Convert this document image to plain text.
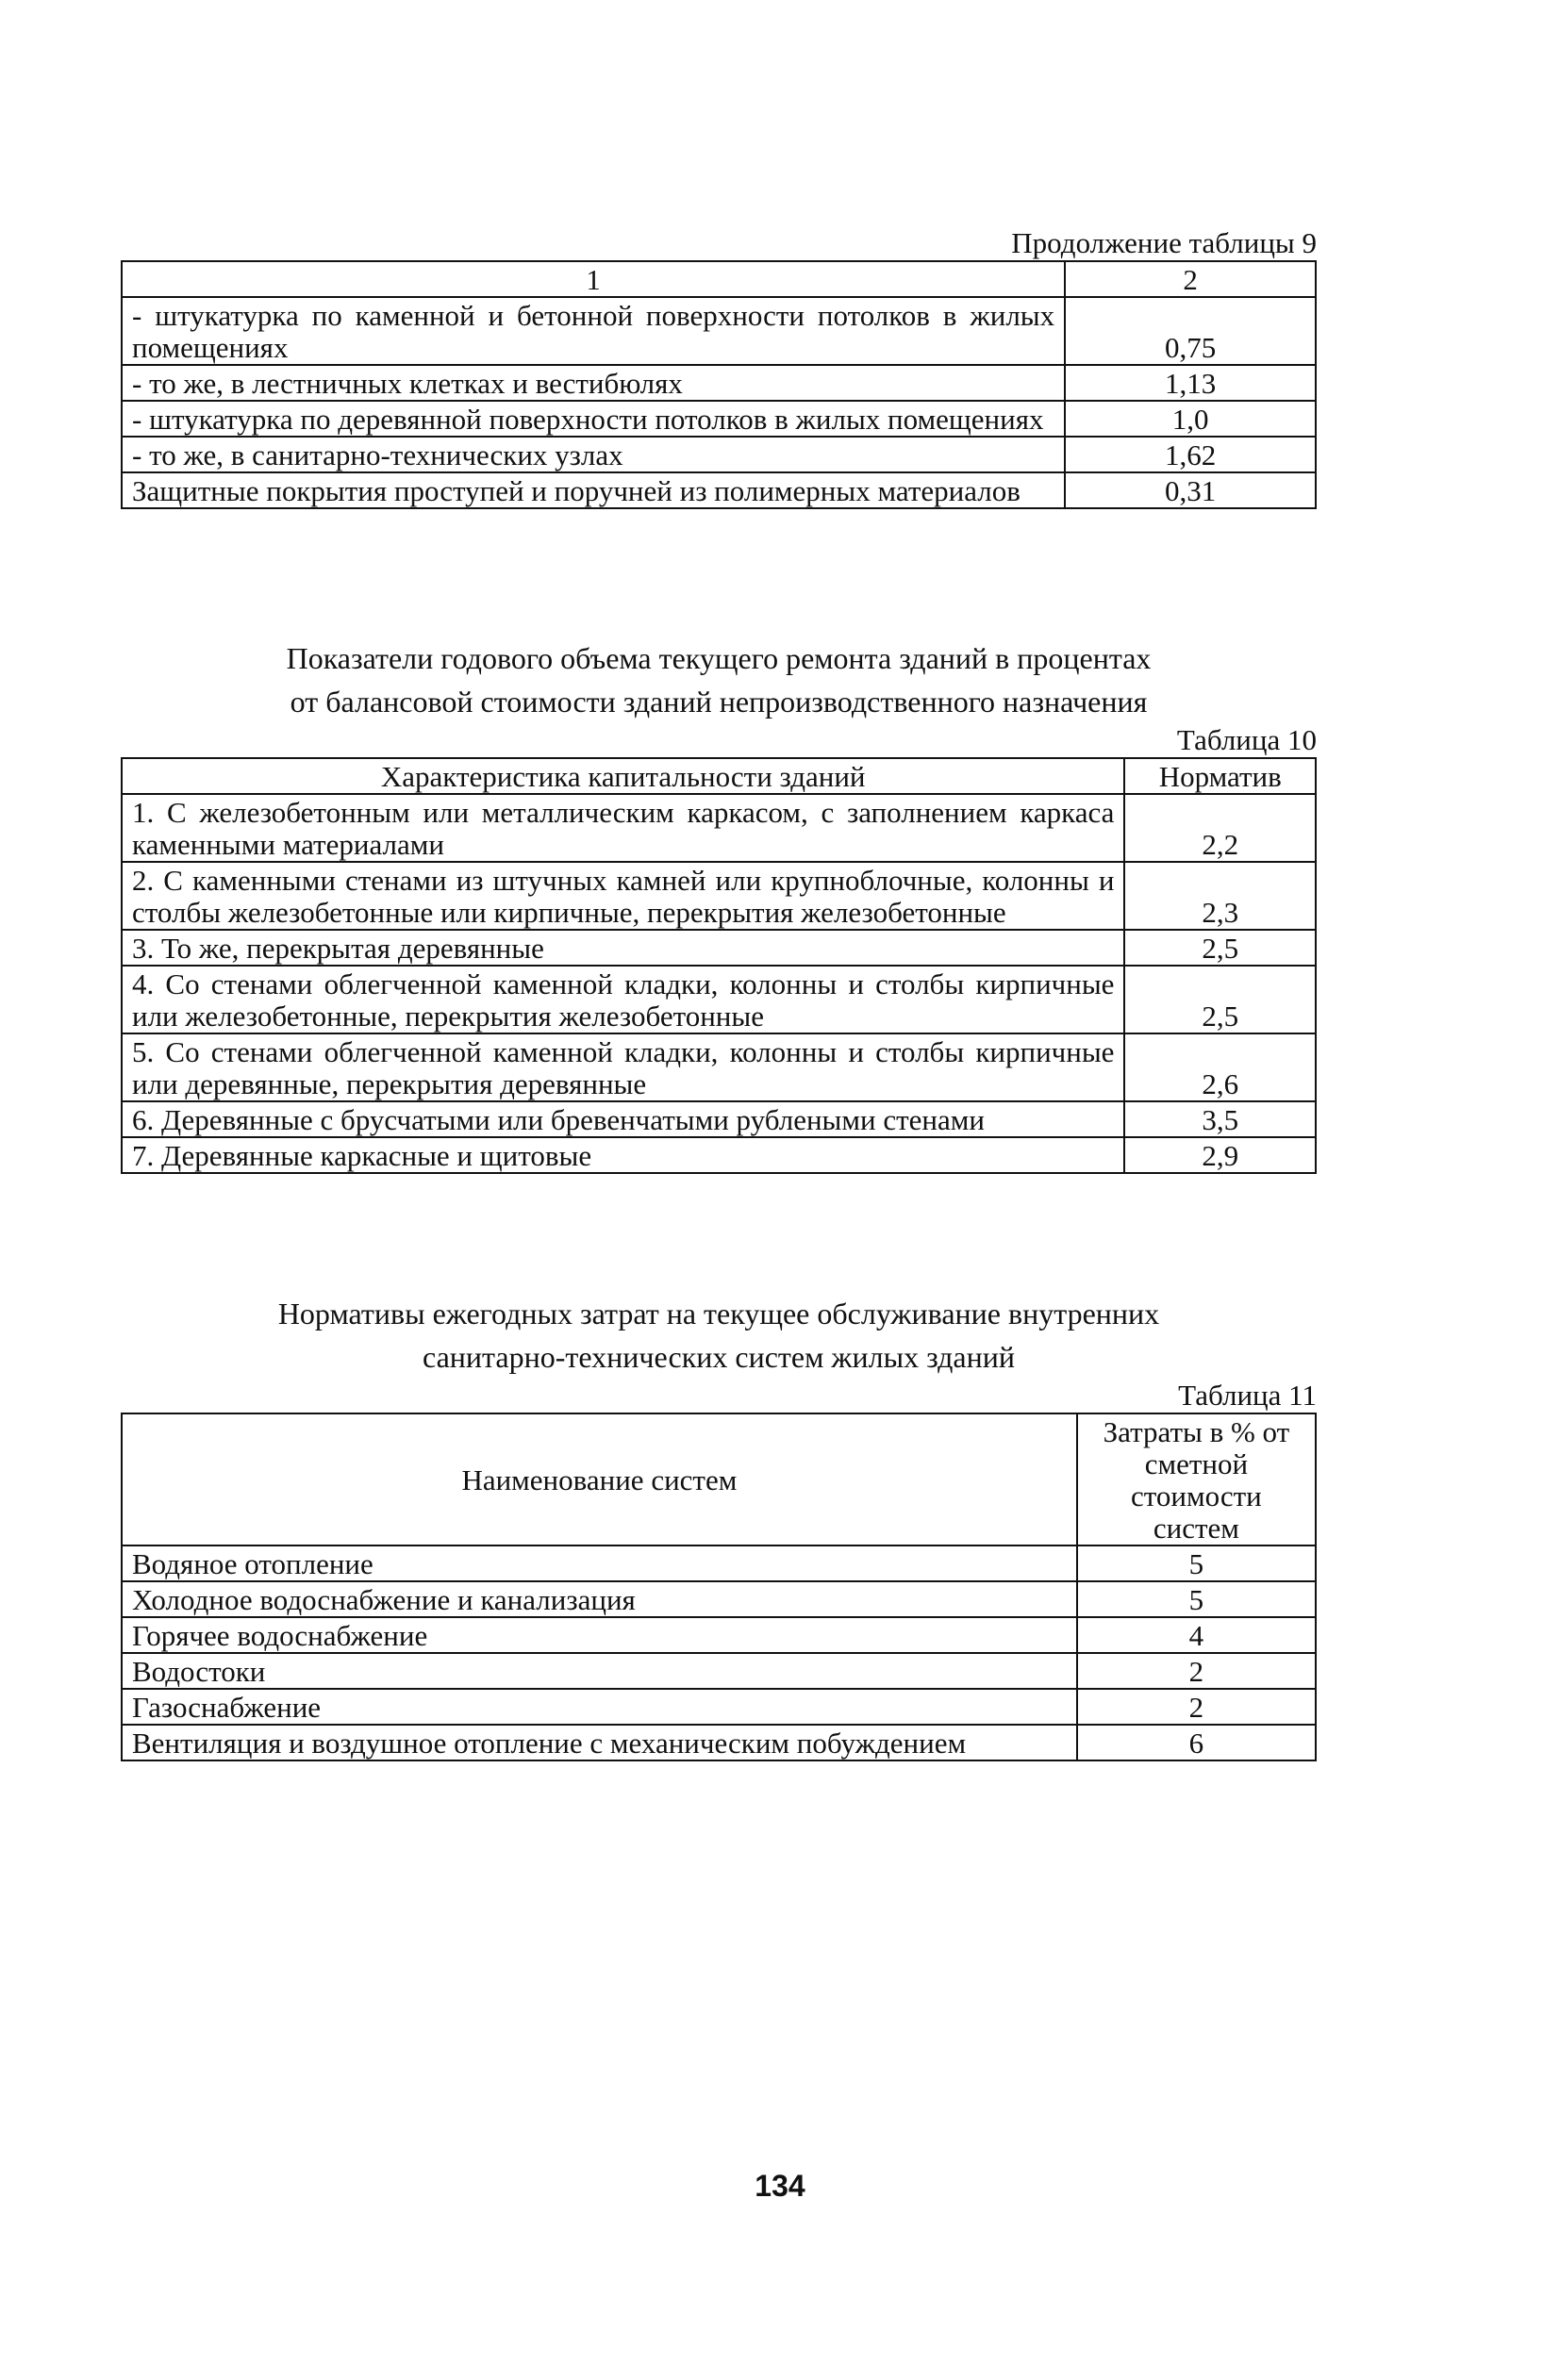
Продолжение таблицы 9
1	2
- штукатурка по каменной и бетонной поверхности потолков в жилых помещениях	0,75
- то же, в лестничных клетках и вестибюлях	1,13
- штукатурка по деревянной поверхности потолков в жилых помещениях	1,0
- то же, в санитарно-технических узлах	1,62
Защитные покрытия проступей и поручней из полимерных материалов	0,31
Показатели годового объема текущего ремонта зданий в процентах
от балансовой стоимости зданий непроизводственного назначения
Таблица 10
Характеристика капитальности зданий	Норматив
1. С железобетонным или металлическим каркасом, с заполнением каркаса каменными материалами	2,2
2. С каменными стенами из штучных камней или крупноблочные, колонны и столбы железобетонные или кирпичные, перекрытия железобетонные	2,3
3. То же, перекрытая деревянные	2,5
4. Со стенами облегченной каменной кладки, колонны и столбы кирпичные или железобетонные, перекрытия железобетонные	2,5
5. Со стенами облегченной каменной кладки, колонны и столбы кирпичные или деревянные, перекрытия деревянные	2,6
6. Деревянные с брусчатыми или бревенчатыми рублеными стенами	3,5
7. Деревянные каркасные и щитовые	2,9
Нормативы ежегодных затрат на текущее обслуживание внутренних
санитарно-технических систем жилых зданий
Таблица 11
Наименование систем	Затраты в % от сметной стоимости систем
Водяное отопление	5
Холодное водоснабжение и канализация	5
Горячее водоснабжение	4
Водостоки	2
Газоснабжение	2
Вентиляция и воздушное отопление с механическим побуждением	6
134
